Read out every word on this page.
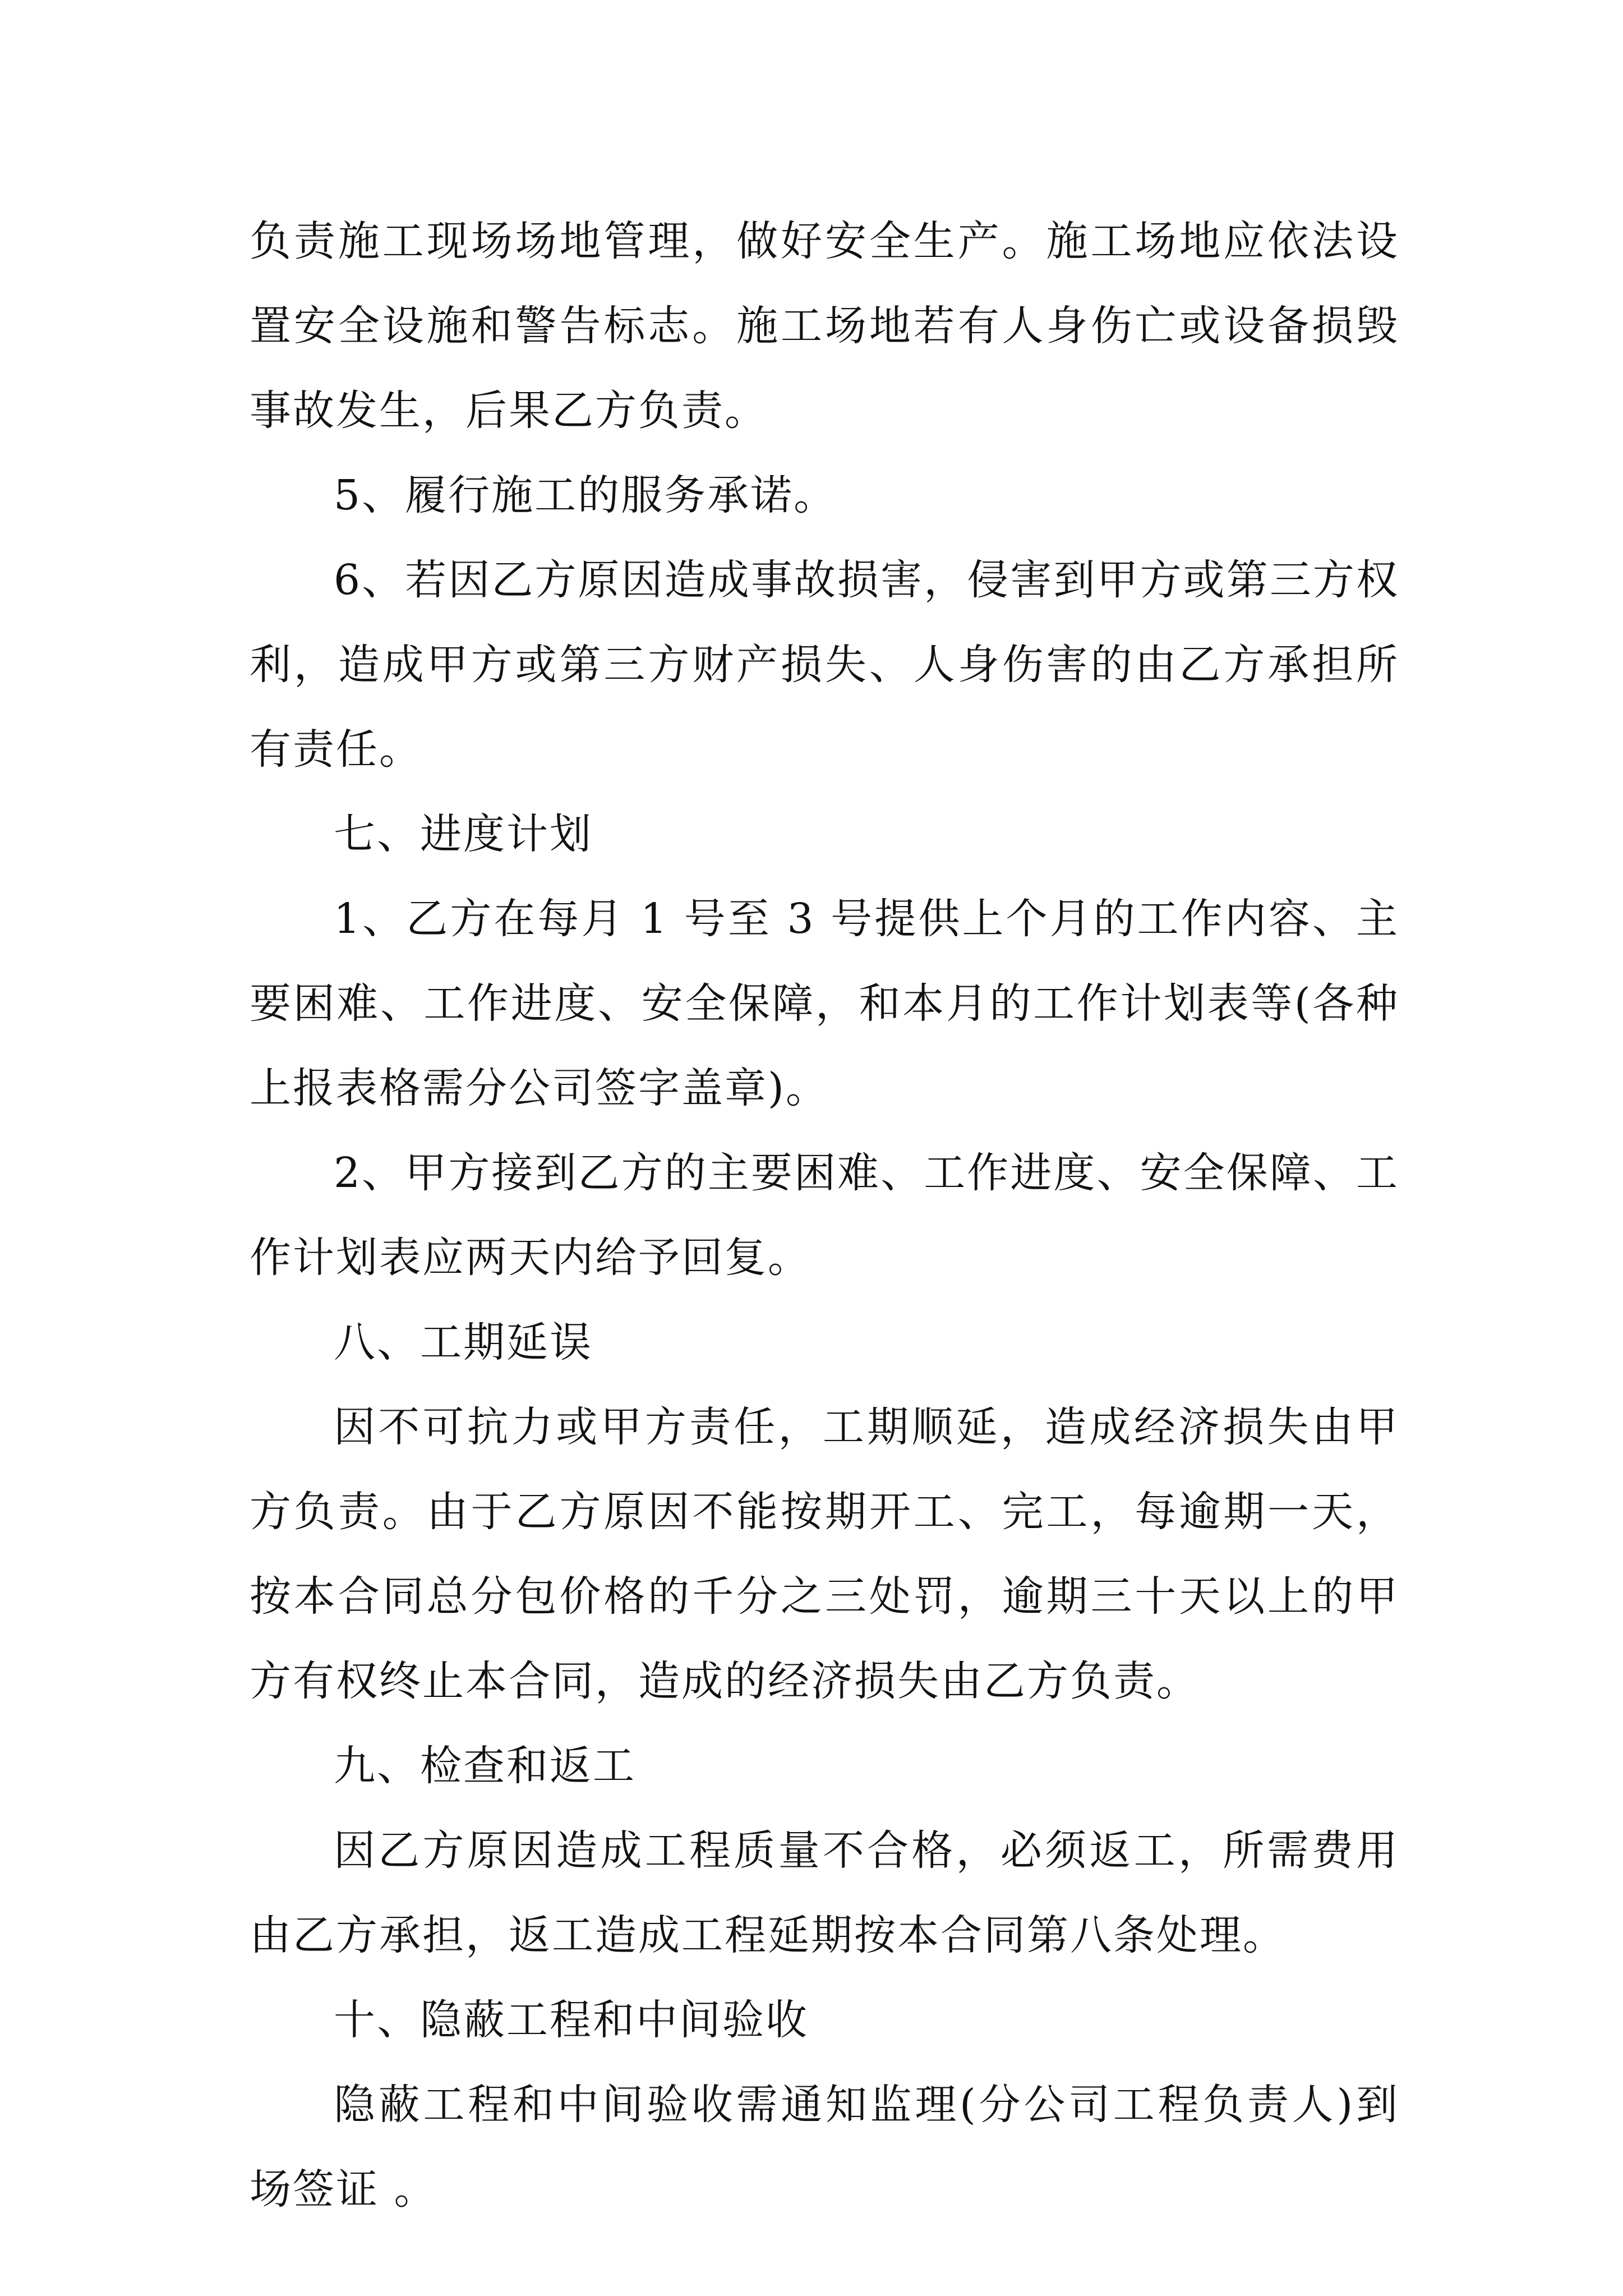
负责施工现场场地管理，做好安全生产。施工场地应依法设置安全设施和警告标志。施工场地若有人身伤亡或设备损毁事故发生，后果乙方负责。

5、履行施工的服务承诺。

6、若因乙方原因造成事故损害，侵害到甲方或第三方权利，造成甲方或第三方财产损失、人身伤害的由乙方承担所有责任。

七、进度计划

1、乙方在每月 1 号至 3 号提供上个月的工作内容、主要困难、工作进度、安全保障，和本月的工作计划表等(各种上报表格需分公司签字盖章)。

2、甲方接到乙方的主要困难、工作进度、安全保障、工作计划表应两天内给予回复。

八、工期延误

因不可抗力或甲方责任，工期顺延，造成经济损失由甲方负责。由于乙方原因不能按期开工、完工，每逾期一天，按本合同总分包价格的千分之三处罚，逾期三十天以上的甲方有权终止本合同，造成的经济损失由乙方负责。

九、检查和返工

因乙方原因造成工程质量不合格，必须返工，所需费用由乙方承担，返工造成工程延期按本合同第八条处理。

十、隐蔽工程和中间验收

隐蔽工程和中间验收需通知监理(分公司工程负责人)到场签证 。
